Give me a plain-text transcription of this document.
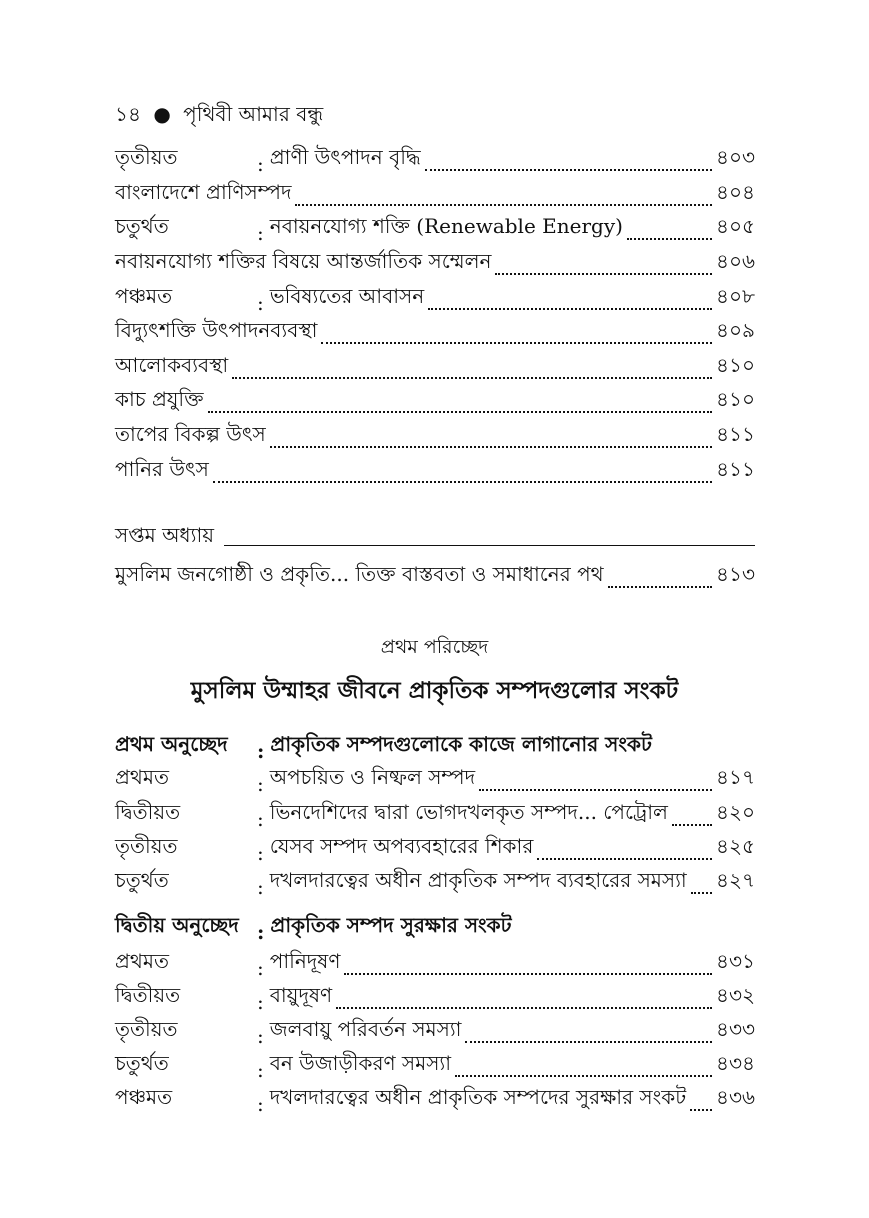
১৪ ● পৃথিবী আমার বন্ধু
তৃতীয়ত	: প্রাণী উৎপাদন বৃদ্ধি	৪০৩
বাংলাদেশে প্রাণিসম্পদ	৪০৪
চতুর্থত	: নবায়নযোগ্য শক্তি (Renewable Energy)	৪০৫
নবায়নযোগ্য শক্তির বিষয়ে আন্তর্জাতিক সম্মেলন	৪০৬
পঞ্চমত	: ভবিষ্যতের আবাসন	৪০৮
বিদ্যুৎশক্তি উৎপাদনব্যবস্থা	৪০৯
আলোকব্যবস্থা	৪১০
কাচ প্রযুক্তি	৪১০
তাপের বিকল্প উৎস	৪১১
পানির উৎস	৪১১
সপ্তম অধ্যায়
মুসলিম জনগোষ্ঠী ও প্রকৃতি... তিক্ত বাস্তবতা ও সমাধানের পথ	৪১৩
প্রথম পরিচ্ছেদ
মুসলিম উম্মাহর জীবনে প্রাকৃতিক সম্পদগুলোর সংকট
প্রথম অনুচ্ছেদ	: প্রাকৃতিক সম্পদগুলোকে কাজে লাগানোর সংকট
প্রথমত	: অপচয়িত ও নিষ্ফল সম্পদ	৪১৭
দ্বিতীয়ত	: ভিনদেশিদের দ্বারা ভোগদখলকৃত সম্পদ... পেট্রোল ৪২০
তৃতীয়ত	: যেসব সম্পদ অপব্যবহারের শিকার	৪২৫
চতুর্থত	: দখলদারত্বের অধীন প্রাকৃতিক সম্পদ ব্যবহারের সমস্যা ৪২৭
দ্বিতীয় অনুচ্ছেদ : প্রাকৃতিক সম্পদ সুরক্ষার সংকট
প্রথমত	: পানিদূষণ	৪৩১
দ্বিতীয়ত	: বায়ুদূষণ	৪৩২
তৃতীয়ত	: জলবায়ু পরিবর্তন সমস্যা	৪৩৩
চতুর্থত	: বন উজাড়ীকরণ সমস্যা	৪৩৪
পঞ্চমত	: দখলদারত্বের অধীন প্রাকৃতিক সম্পদের সুরক্ষার সংকট ৪৩৬
